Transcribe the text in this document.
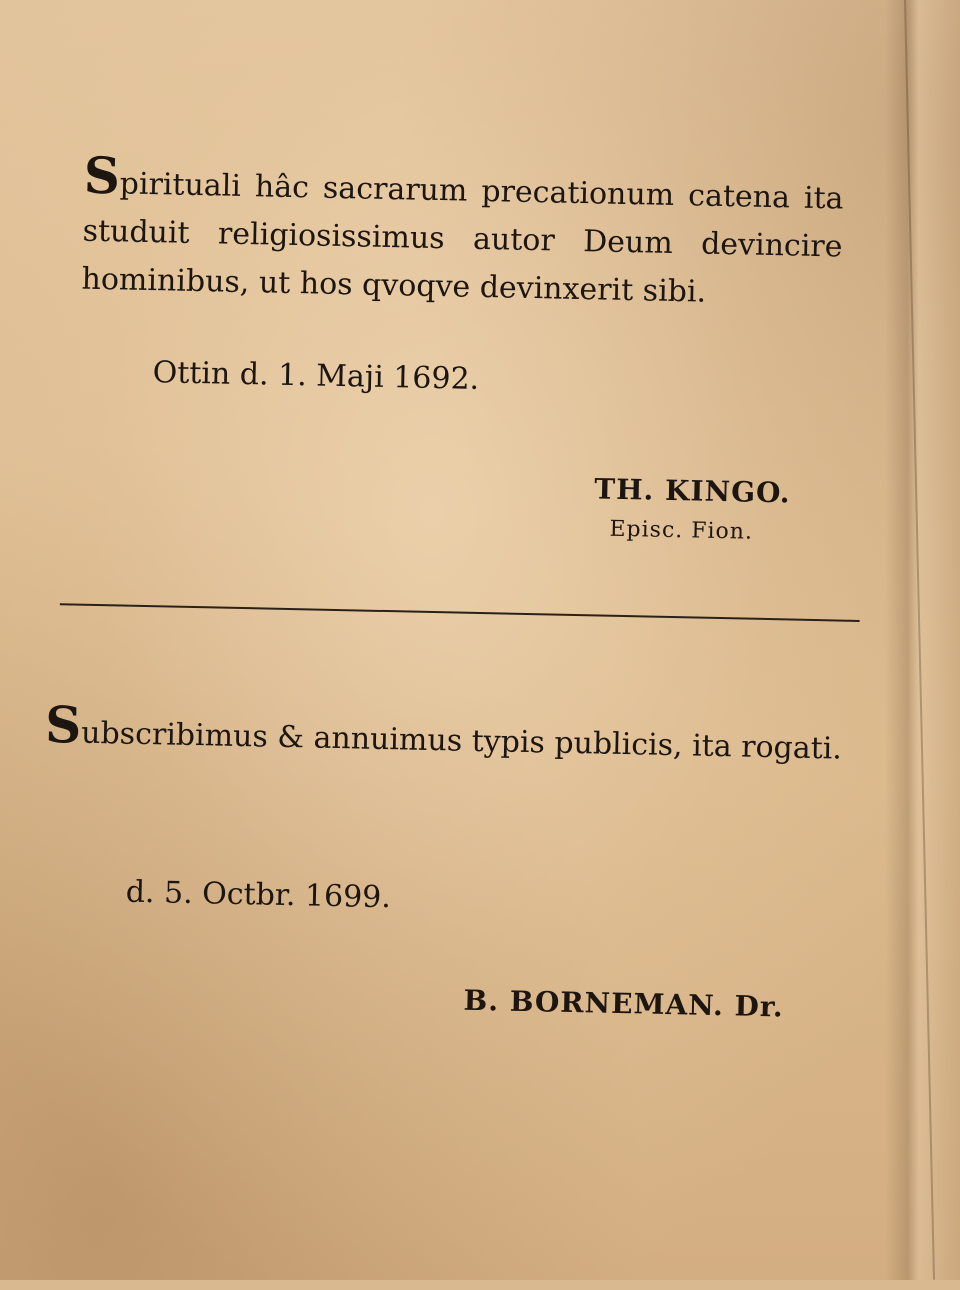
Spirituali hâc sacrarum precationum catena ita studuit religiosissimus autor Deum devincire hominibus, ut hos qvoqve devinxerit sibi.
Ottin d. 1. Maji 1692.
TH. KINGO.
Episc. Fion.
Subscribimus & annuimus typis publicis, ita rogati.
d. 5. Octbr. 1699.
B. BORNEMAN. Dr.
